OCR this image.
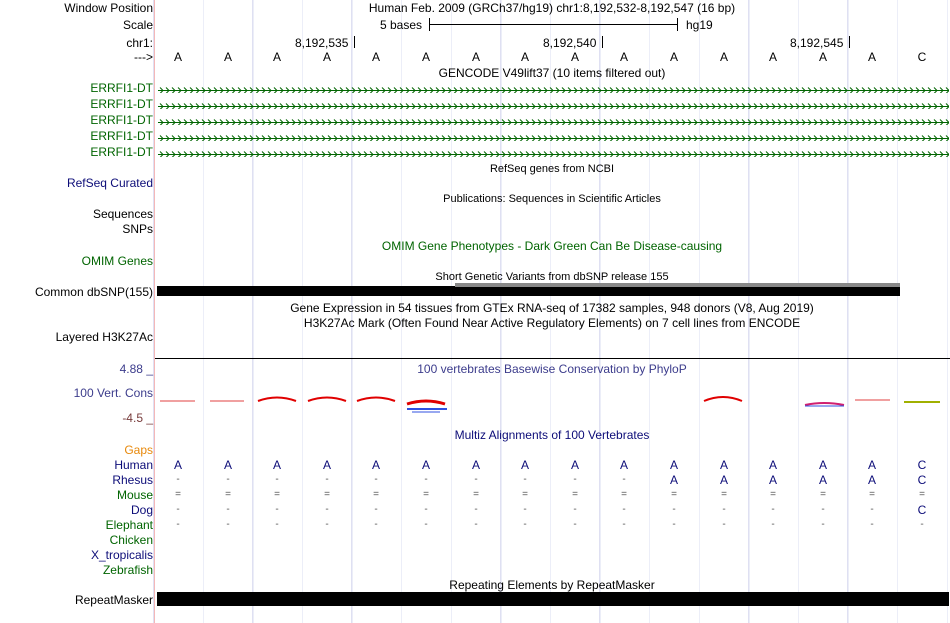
Window Position	Human Feb. 2009 (GRCh37/hg19) chr1:8,192,532-8,192,547 (16 bp)
Scale	5 bases	hg19
chr1:	8,192,535	8,192,540	8,192,545
--->	A	A	A	A	A	A	A	A	A	A	A	A	A	A	A	C
GENCODE V49lift37 (10 items filtered out)
ERRFI1-DT
ERRFI1-DT
ERRFI1-DT
ERRFI1-DT
ERRFI1-DT
RefSeq genes from NCBI
RefSeq Curated
Publications: Sequences in Scientific Articles
Sequences
SNPs
OMIM Gene Phenotypes - Dark Green Can Be Disease-causing
OMIM Genes
Short Genetic Variants from dbSNP release 155
Common dbSNP(155)
Gene Expression in 54 tissues from GTEx RNA-seq of 17382 samples, 948 donors (V8, Aug 2019)
H3K27Ac Mark (Often Found Near Active Regulatory Elements) on 7 cell lines from ENCODE
Layered H3K27Ac
4.88 _	100 vertebrates Basewise Conservation by PhyloP
100 Vert. Cons
-4.5 _
Multiz Alignments of 100 Vertebrates
Gaps
Human	A	A	A	A	A	A	A	A	A	A	A	A	A	A	A	C
Rhesus	-	-	-	-	-	-	-	-	-	-	A	A	A	A	A	C
Mouse	=	=	=	=	=	=	=	=	=	=	=	=	=	=	=	=
Dog	-	-	-	-	-	-	-	-	-	-	-	-	-	-	-	C
Elephant	-	-	-	-	-	-	-	-	-	-	-	-	-	-	-	-
Chicken
X_tropicalis
Zebrafish
Repeating Elements by RepeatMasker
RepeatMasker
